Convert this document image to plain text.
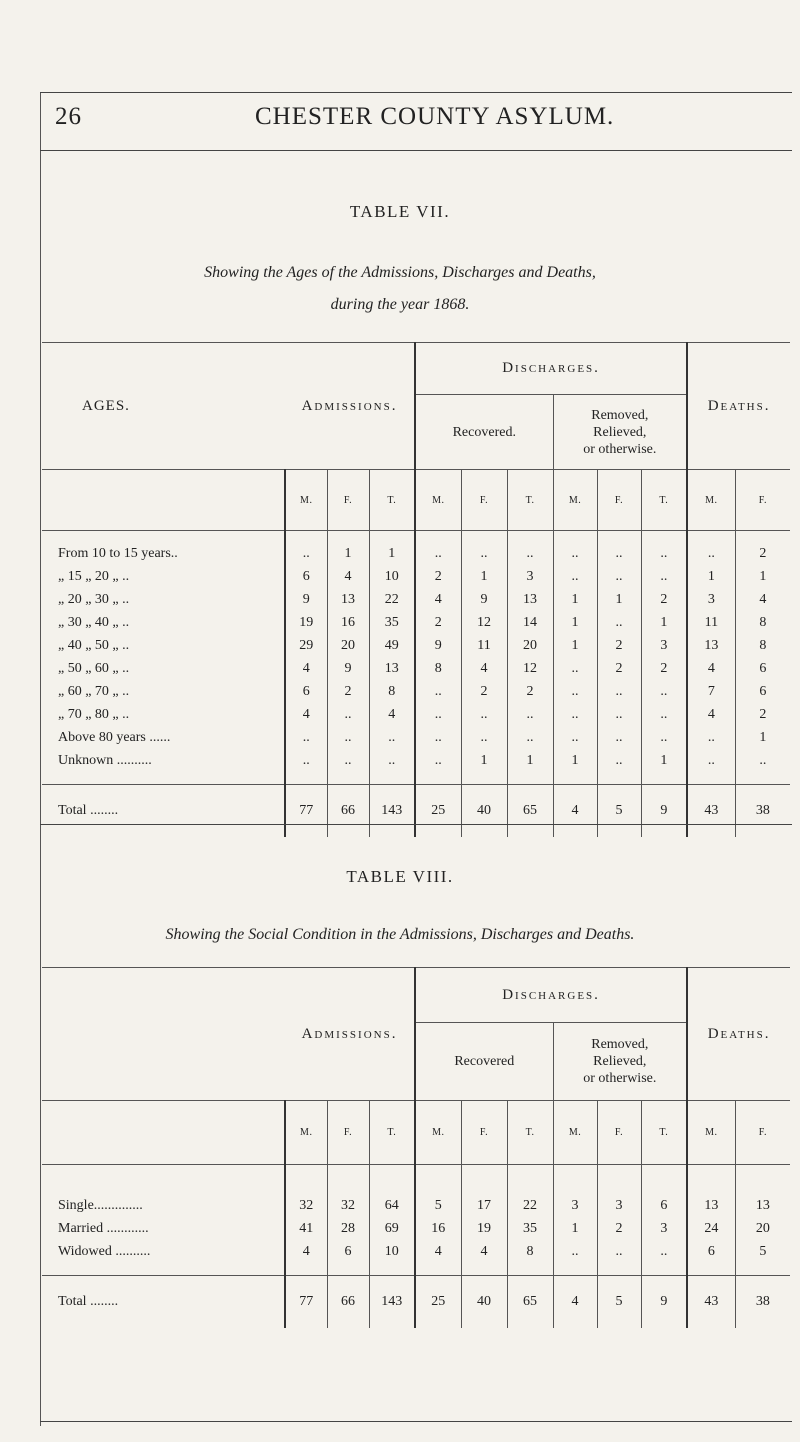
26	CHESTER COUNTY ASYLUM.
TABLE VII.
Showing the Ages of the Admissions, Discharges and Deaths,
during the year 1868.
AGES.	Admissions.			Discharges.						Deaths.	
				Recovered.			Removed,
Relieved,
or otherwise.				
	M.	F.	T.	M.	F.	T.	M.	F.	T.	M.	F.

From 10 to 15 years..	..	1	1	..	..	..	..	..	..	..	2
„ 15 „ 20 „ ..	6	4	10	2	1	3	..	..	..	1	1
„ 20 „ 30 „ ..	9	13	22	4	9	13	1	1	2	3	4
„ 30 „ 40 „ ..	19	16	35	2	12	14	1	..	1	11	8
„ 40 „ 50 „ ..	29	20	49	9	11	20	1	2	3	13	8
„ 50 „ 60 „ ..	4	9	13	8	4	12	..	2	2	4	6
„ 60 „ 70 „ ..	6	2	8	..	2	2	..	..	..	7	6
„ 70 „ 80 „ ..	4	..	4	..	..	..	..	..	..	4	2
Above 80 years ......	..	..	..	..	..	..	..	..	..	..	1
Unknown ..........	..	..	..	..	1	1	1	..	1	..	..

Total ........	77	66	143	25	40	65	4	5	9	43	38
TABLE VIII.
Showing the Social Condition in the Admissions, Discharges and Deaths.
	Admissions.			Discharges.						Deaths.	
				Recovered			Removed,
Relieved,
or otherwise.				
	M.	F.	T.	M.	F.	T.	M.	F.	T.	M.	F.

Single..............	32	32	64	5	17	22	3	3	6	13	13
Married ............	41	28	69	16	19	35	1	2	3	24	20
Widowed ..........	4	6	10	4	4	8	..	..	..	6	5

Total ........	77	66	143	25	40	65	4	5	9	43	38
